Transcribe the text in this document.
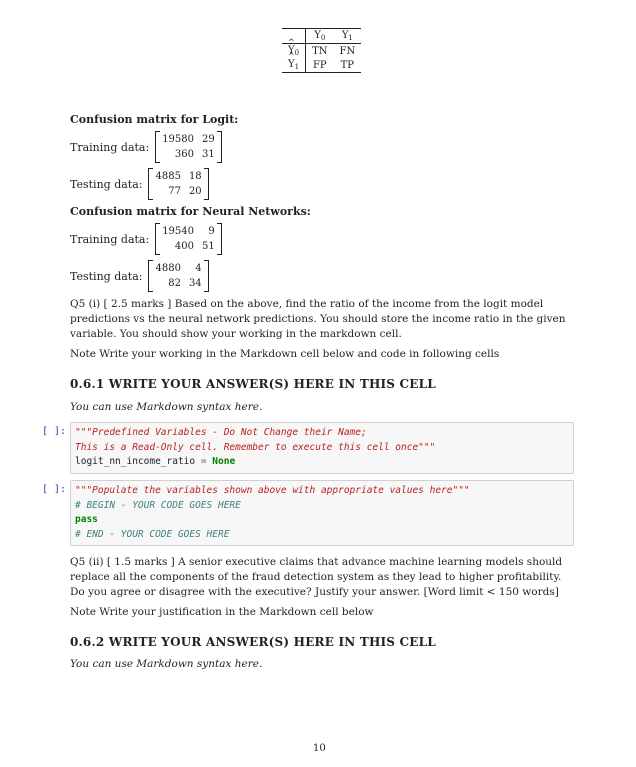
	$Y_0$	$Y_1$
^ $Y_0$	TN	FN
^ $Y_1$	FP	TP
Confusion matrix for Logit:
Training data:
19580 29
360 31
Testing data:
4885 18
77 20
Confusion matrix for Neural Networks:
Training data:
19540	9
400 51
Testing data:
4880	4
82 34
Q5 (i) [ 2.5 marks ] Based on the above, find the ratio of the income from the logit model predictions vs the neural network predictions. You should store the income ratio in the given variable. You should show your working in the markdown cell.
Note Write your working in the Markdown cell below and code in following cells
0.6.1 WRITE YOUR ANSWER(S) HERE IN THIS CELL
You can use Markdown syntax here.
[ ]: """Predefined Variables - Do Not Change their Name;
This is a Read-Only cell. Remember to execute this cell once"""
logit_nn_income_ratio = None
[ ]: """Populate the variables shown above with appropriate values here"""
# BEGIN - YOUR CODE GOES HERE
pass
# END - YOUR CODE GOES HERE
Q5 (ii) [ 1.5 marks ] A senior executive claims that advance machine learning models should replace all the components of the fraud detection system as they lead to higher profitability. Do you agree or disagree with the executive? Justify your answer. [Word limit < 150 words]
Note Write your justification in the Markdown cell below
0.6.2 WRITE YOUR ANSWER(S) HERE IN THIS CELL
You can use Markdown syntax here.
10
